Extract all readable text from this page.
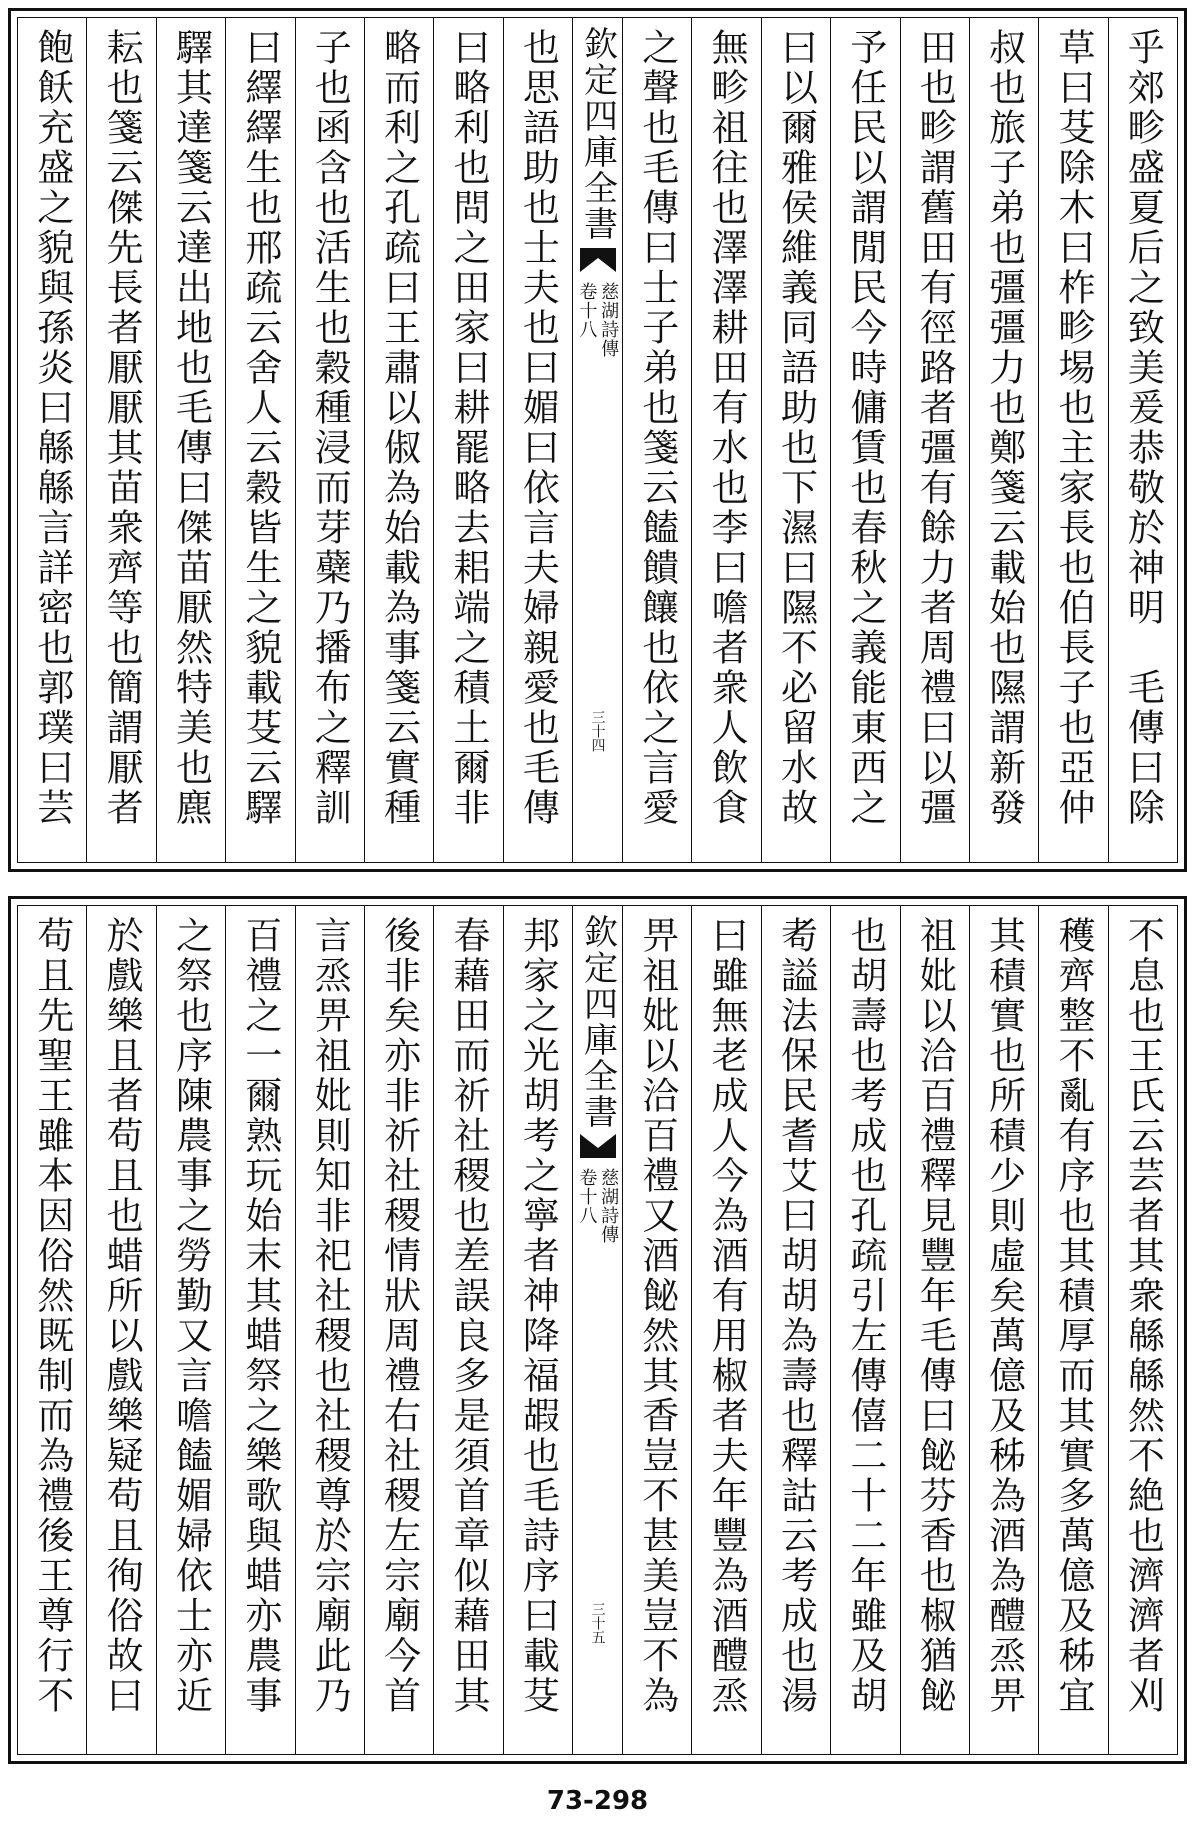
乎郊畛盛夏后之致美爰恭敬於神明　毛傳曰除
草曰芟除木曰柞畛埸也主家長也伯長子也亞仲
叔也旅子弟也彊彊力也鄭箋云載始也隰謂新發
田也畛謂舊田有徑路者彊有餘力者周禮曰以彊
予任民以謂閒民今時傭賃也春秋之義能東西之
曰以爾雅侯維義同語助也下濕曰隰不必留水故
無畛祖往也澤澤耕田有水也李曰噡者衆人飲食
之聲也毛傳曰士子弟也箋云饁饋饟也依之言愛
欽定四庫全書
慈湖詩傳
卷十八
三十四
也思語助也士夫也曰媚曰依言夫婦親愛也毛傳
曰略利也問之田家曰耕罷略去耜端之積土爾非
略而利之孔疏曰王肅以俶為始載為事箋云實種
子也函含也活生也穀種浸而芽蘗乃播布之釋訓
曰繹繹生也邢疏云舍人云穀皆生之貌載芟云驛
驛其達箋云達出地也毛傳曰傑苗厭然特美也麃
耘也箋云傑先長者厭厭其苗衆齊等也簡謂厭者
飽飫充盛之貌與孫炎曰緜緜言詳密也郭璞曰芸
不息也王氏云芸者其衆緜緜然不絶也濟濟者刈
穫齊整不亂有序也其積厚而其實多萬億及秭宜
其積實也所積少則虛矣萬億及秭為酒為醴烝畀
祖妣以洽百禮釋見豐年毛傳曰飶芬香也椒猶飶
也胡壽也考成也孔疏引左傳僖二十二年雖及胡
耇謚法保民耆艾曰胡胡為壽也釋詁云考成也湯
曰雖無老成人今為酒有用椒者夫年豐為酒醴烝
畀祖妣以洽百禮又酒飶然其香豈不甚美豈不為
欽定四庫全書
慈湖詩傳
卷十八
三十五
邦家之光胡考之寧者神降福嘏也毛詩序曰載芟
春藉田而祈社稷也差誤良多是須首章似藉田其
後非矣亦非祈社稷情狀周禮右社稷左宗廟今首
言烝畀祖妣則知非祀社稷也社稷尊於宗廟此乃
百禮之一爾熟玩始末其蜡祭之樂歌與蜡亦農事
之祭也序陳農事之勞勤又言噡饁媚婦依士亦近
於戲樂且者苟且也蜡所以戲樂疑苟且徇俗故曰
苟且先聖王雖本因俗然既制而為禮後王尊行不
73-298
